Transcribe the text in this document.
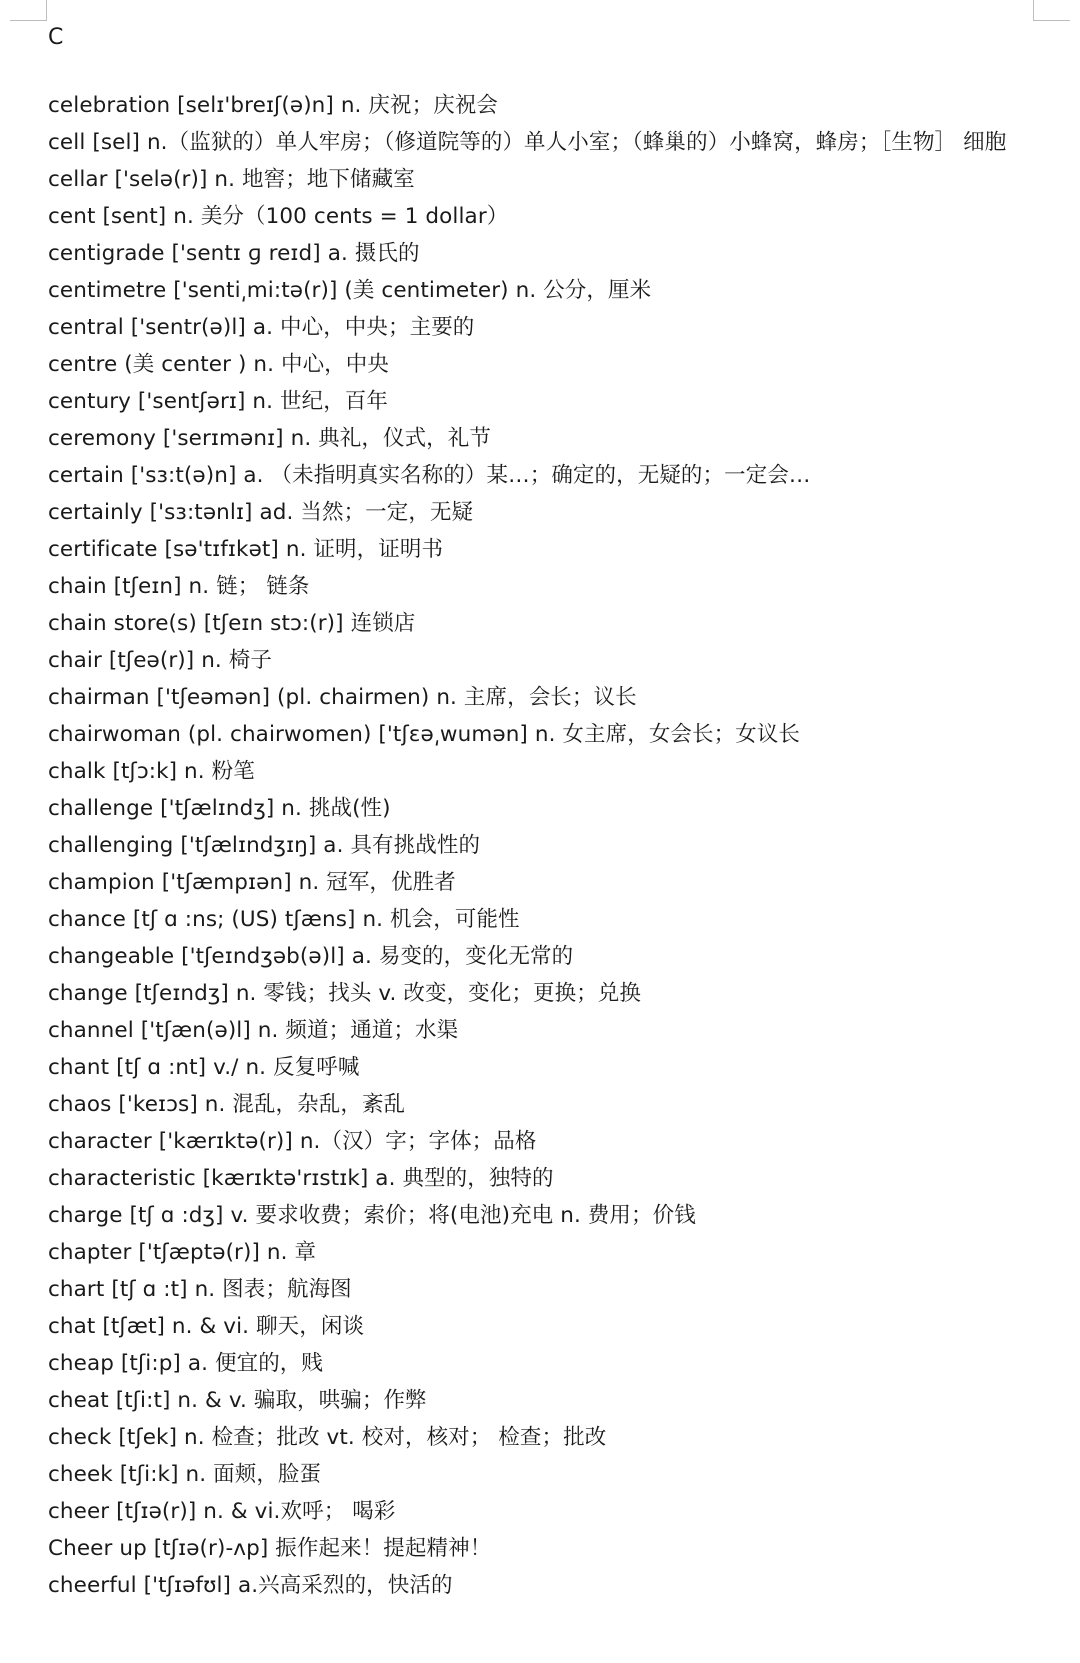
C
celebration [selɪ'breɪʃ(ə)n] n. 庆祝；庆祝会
cell [sel] n.（监狱的）单人牢房；（修道院等的）单人小室；（蜂巢的）小蜂窝，蜂房；［生物］ 细胞
cellar ['selə(r)] n. 地窖；地下储藏室
cent [sent] n. 美分（100 cents = 1 dollar）
centigrade ['sentɪ ɡ reɪd] a. 摄氏的
centimetre ['senti͵mi:tə(r)] (美 centimeter) n. 公分，厘米
central ['sentr(ə)l] a. 中心，中央；主要的
centre (美 center ) n. 中心，中央
century ['sentʃərɪ] n. 世纪，百年
ceremony ['serɪmənɪ] n. 典礼，仪式，礼节
certain ['sɜ:t(ə)n] a. （未指明真实名称的）某…；确定的，无疑的；一定会…
certainly ['sɜ:tənlɪ] ad. 当然；一定，无疑
certificate [sə'tɪfɪkət] n. 证明，证明书
chain [tʃeɪn] n. 链； 链条
chain store(s) [tʃeɪn stɔ:(r)] 连锁店
chair [tʃeə(r)] n. 椅子
chairman ['tʃeəmən] (pl. chairmen) n. 主席，会长；议长
chairwoman (pl. chairwomen) ['tʃɛə͵wumən] n. 女主席，女会长；女议长
chalk [tʃɔ:k] n. 粉笔
challenge ['tʃælɪndʒ] n. 挑战(性)
challenging ['tʃælɪndʒɪŋ] a. 具有挑战性的
champion ['tʃæmpɪən] n. 冠军，优胜者
chance [tʃ ɑ :ns; (US) tʃæns] n. 机会，可能性
changeable ['tʃeɪndʒəb(ə)l] a. 易变的，变化无常的
change [tʃeɪndʒ] n. 零钱；找头 v. 改变，变化；更换；兑换
channel ['tʃæn(ə)l] n. 频道；通道；水渠
chant [tʃ ɑ :nt] v./ n. 反复呼喊
chaos ['keɪɔs] n. 混乱，杂乱，紊乱
character ['kærɪktə(r)] n.（汉）字；字体；品格
characteristic [kærɪktə'rɪstɪk] a. 典型的，独特的
charge [tʃ ɑ :dʒ] v. 要求收费；索价；将(电池)充电 n. 费用；价钱
chapter ['tʃæptə(r)] n. 章
chart [tʃ ɑ :t] n. 图表；航海图
chat [tʃæt] n. & vi. 聊天，闲谈
cheap [tʃi:p] a. 便宜的，贱
cheat [tʃi:t] n. & v. 骗取，哄骗；作弊
check [tʃek] n. 检查；批改 vt. 校对，核对； 检查；批改
cheek [tʃi:k] n. 面颊，脸蛋
cheer [tʃɪə(r)] n. & vi.欢呼； 喝彩
Cheer up [tʃɪə(r)-ʌp] 振作起来！提起精神！
cheerful ['tʃɪəfʊl] a.兴高采烈的，快活的
